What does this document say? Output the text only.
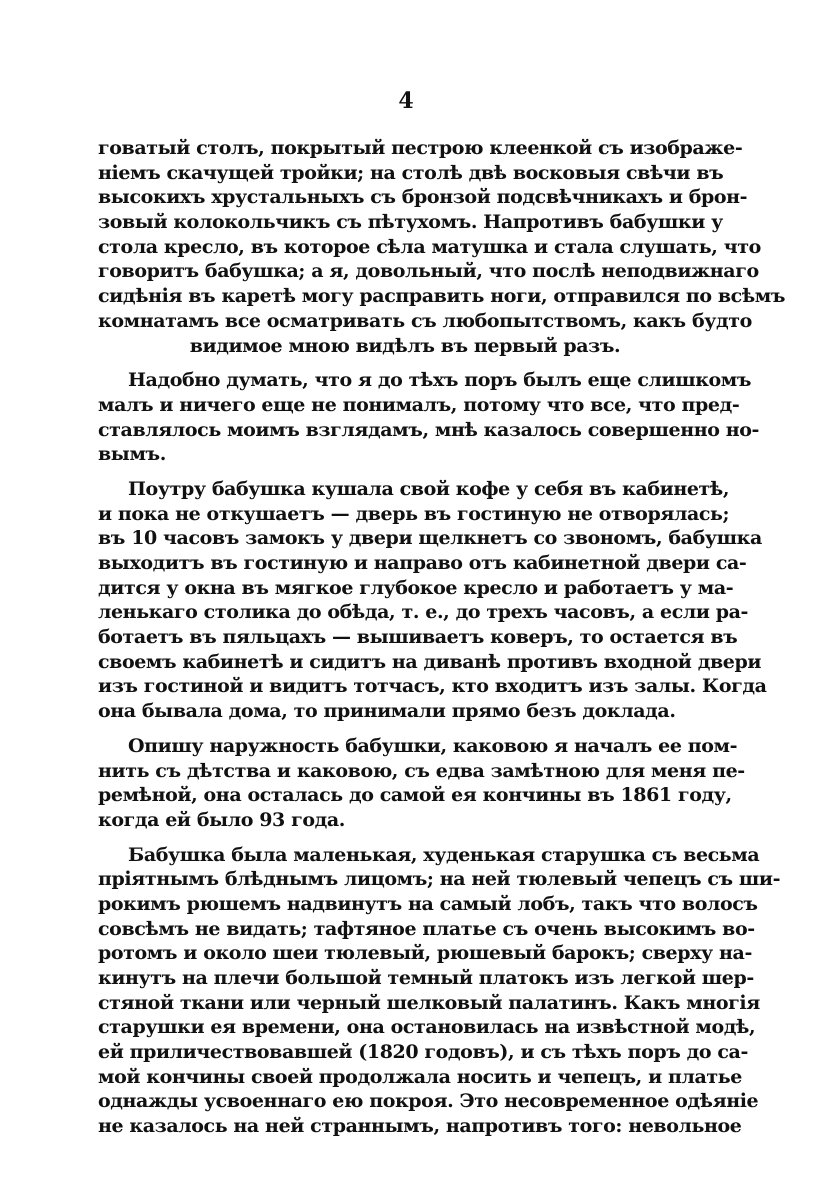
4
говатый столъ, покрытый пестрою клеенкой съ изображе-
ніемъ скачущей тройки; на столѣ двѣ восковыя свѣчи въ
высокихъ хрустальныхъ съ бронзой подсвѣчникахъ и брон-
зовый колокольчикъ съ пѣтухомъ. Напротивъ бабушки у
стола кресло, въ которое сѣла матушка и стала слушать, что
говоритъ бабушка; а я, довольный, что послѣ неподвижнаго
сидѣнія въ каретѣ могу расправить ноги, отправился по всѣмъ
комнатамъ все осматривать съ любопытствомъ, какъ будто
видимое мною видѣлъ въ первый разъ.
Надобно думать, что я до тѣхъ поръ былъ еще слишкомъ
малъ и ничего еще не понималъ, потому что все, что пред-
ставлялось моимъ взглядамъ, мнѣ казалось совершенно но-
вымъ.
Поутру бабушка кушала свой кофе у себя въ кабинетѣ,
и пока не откушаетъ — дверь въ гостиную не отворялась;
въ 10 часовъ замокъ у двери щелкнетъ со звономъ, бабушка
выходитъ въ гостиную и направо отъ кабинетной двери са-
дится у окна въ мягкое глубокое кресло и работаетъ у ма-
ленькаго столика до обѣда, т. е., до трехъ часовъ, а если ра-
ботаетъ въ пяльцахъ — вышиваетъ коверъ, то остается въ
своемъ кабинетѣ и сидитъ на диванѣ противъ входной двери
изъ гостиной и видитъ тотчасъ, кто входитъ изъ залы. Когда
она бывала дома, то принимали прямо безъ доклада.
Опишу наружность бабушки, каковою я началъ ее пом-
нить съ дѣтства и каковою, съ едва замѣтною для меня пе-
ремѣной, она осталась до самой ея кончины въ 1861 году,
когда ей было 93 года.
Бабушка была маленькая, худенькая старушка съ весьма
пріятнымъ блѣднымъ лицомъ; на ней тюлевый чепецъ съ ши-
рокимъ рюшемъ надвинутъ на самый лобъ, такъ что волосъ
совсѣмъ не видать; тафтяное платье съ очень высокимъ во-
ротомъ и около шеи тюлевый, рюшевый барокъ; сверху на-
кинутъ на плечи большой темный платокъ изъ легкой шер-
стяной ткани или черный шелковый палатинъ. Какъ многія
старушки ея времени, она остановилась на извѣстной модѣ,
ей приличествовавшей (1820 годовъ), и съ тѣхъ поръ до са-
мой кончины своей продолжала носить и чепецъ, и платье
однажды усвоеннаго ею покроя. Это несовременное одѣяніе
не казалось на ней страннымъ, напротивъ того: невольное
